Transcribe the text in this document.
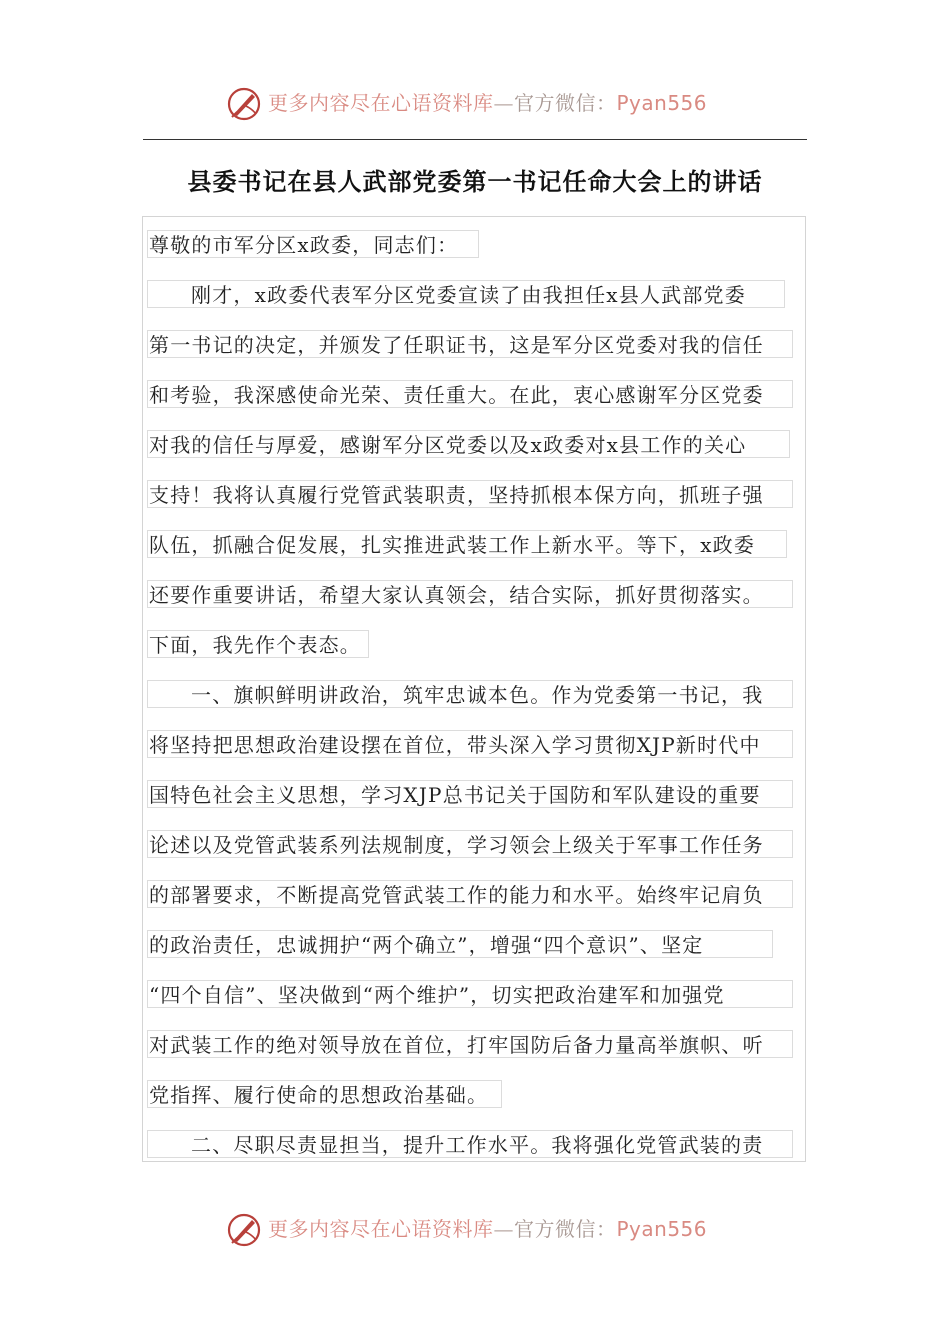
更多内容尽在心语资料库—官方微信：Pyan556
县委书记在县人武部党委第一书记任命大会上的讲话
尊敬的市军分区x政委，同志们：
刚才，x政委代表军分区党委宣读了由我担任x县人武部党委
第一书记的决定，并颁发了任职证书，这是军分区党委对我的信任
和考验，我深感使命光荣、责任重大。在此，衷心感谢军分区党委
对我的信任与厚爱，感谢军分区党委以及x政委对x县工作的关心
支持！我将认真履行党管武装职责，坚持抓根本保方向，抓班子强
队伍，抓融合促发展，扎实推进武装工作上新水平。等下，x政委
还要作重要讲话，希望大家认真领会，结合实际，抓好贯彻落实。
下面，我先作个表态。
一、旗帜鲜明讲政治，筑牢忠诚本色。作为党委第一书记，我
将坚持把思想政治建设摆在首位，带头深入学习贯彻XJP新时代中
国特色社会主义思想，学习XJP总书记关于国防和军队建设的重要
论述以及党管武装系列法规制度，学习领会上级关于军事工作任务
的部署要求，不断提高党管武装工作的能力和水平。始终牢记肩负
的政治责任，忠诚拥护“两个确立”，增强“四个意识”、坚定
“四个自信”、坚决做到“两个维护”，切实把政治建军和加强党
对武装工作的绝对领导放在首位，打牢国防后备力量高举旗帜、听
党指挥、履行使命的思想政治基础。
二、尽职尽责显担当，提升工作水平。我将强化党管武装的责
更多内容尽在心语资料库—官方微信：Pyan556
